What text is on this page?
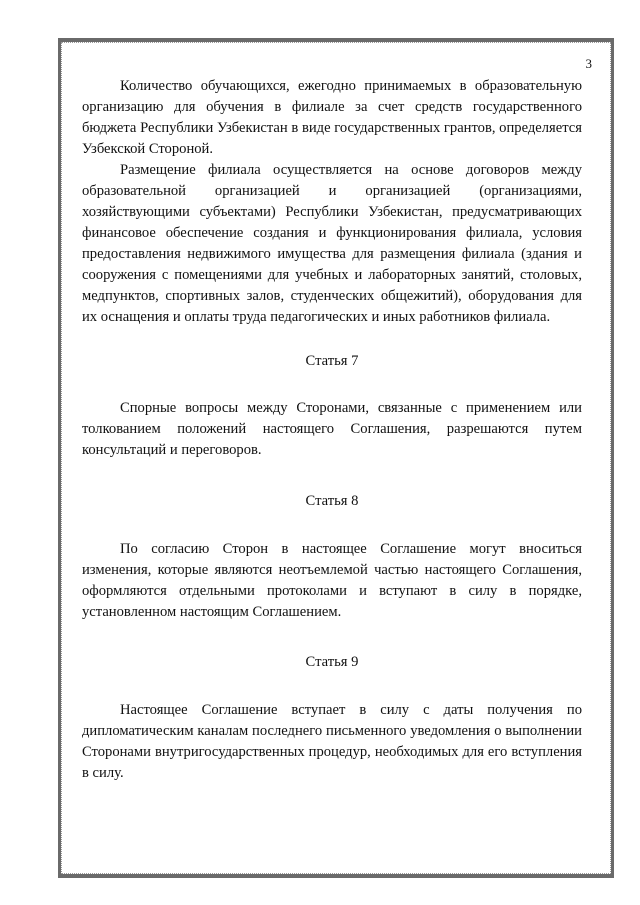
3

Количество обучающихся, ежегодно принимаемых в образовательную организацию для обучения в филиале за счет средств государственного бюджета Республики Узбекистан в виде государственных грантов, определяется Узбекской Стороной.

Размещение филиала осуществляется на основе договоров между образовательной организацией и организацией (организациями, хозяйствующими субъектами) Республики Узбекистан, предусматривающих финансовое обеспечение создания и функционирования филиала, условия предоставления недвижимого имущества для размещения филиала (здания и сооружения с помещениями для учебных и лабораторных занятий, столовых, медпунктов, спортивных залов, студенческих общежитий), оборудования для их оснащения и оплаты труда педагогических и иных работников филиала.

Статья 7

Спорные вопросы между Сторонами, связанные с применением или толкованием положений настоящего Соглашения, разрешаются путем консультаций и переговоров.

Статья 8

По согласию Сторон в настоящее Соглашение могут вноситься изменения, которые являются неотъемлемой частью настоящего Соглашения, оформляются отдельными протоколами и вступают в силу в порядке, установленном настоящим Соглашением.

Статья 9

Настоящее Соглашение вступает в силу с даты получения по дипломатическим каналам последнего письменного уведомления о выполнении Сторонами внутригосударственных процедур, необходимых для его вступления в силу.
